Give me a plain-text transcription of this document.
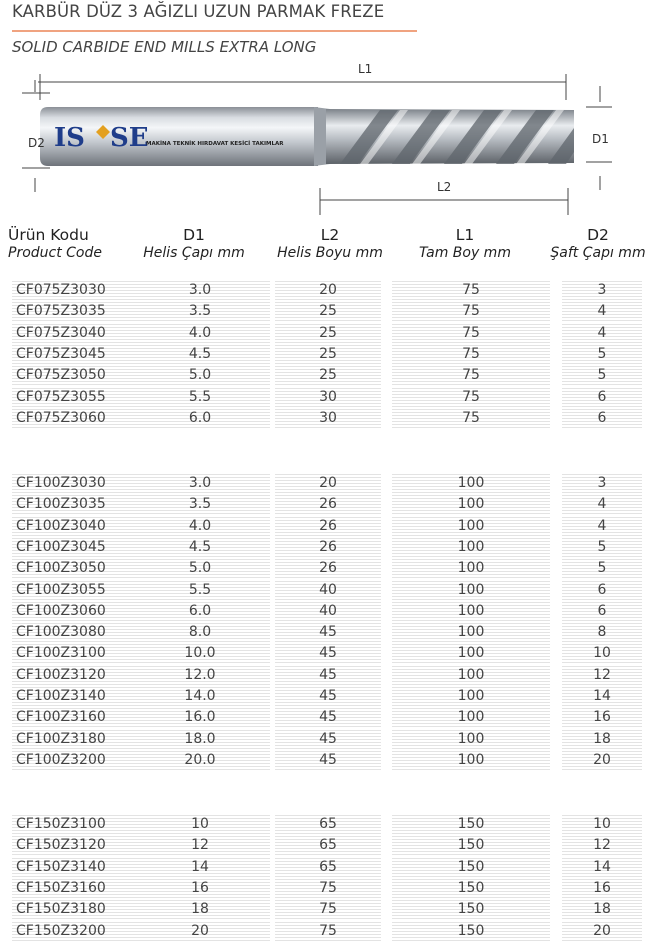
KARBÜR DÜZ 3 AĞIZLI UZUN PARMAK FREZE
SOLID CARBIDE END MILLS EXTRA LONG
IS SE
L1
L2
D2	D1
MAKİNA TEKNİK HIRDAVAT KESİCİ TAKIMLAR
Ürün Kodu
Product Code
D1
Helis Çapı mm
L2
Helis Boyu mm
L1
Tam Boy mm
D2
Şaft Çapı mm
CF075Z3030	3.0	20	75	3
CF075Z3035	3.5	25	75	4
CF075Z3040	4.0	25	75	4
CF075Z3045	4.5	25	75	5
CF075Z3050	5.0	25	75	5
CF075Z3055	5.5	30	75	6
CF075Z3060	6.0	30	75	6
CF100Z3030	3.0	20	100	3
CF100Z3035	3.5	26	100	4
CF100Z3040	4.0	26	100	4
CF100Z3045	4.5	26	100	5
CF100Z3050	5.0	26	100	5
CF100Z3055	5.5	40	100	6
CF100Z3060	6.0	40	100	6
CF100Z3080	8.0	45	100	8
CF100Z3100	10.0	45	100	10
CF100Z3120	12.0	45	100	12
CF100Z3140	14.0	45	100	14
CF100Z3160	16.0	45	100	16
CF100Z3180	18.0	45	100	18
CF100Z3200	20.0	45	100	20
CF150Z3100	10	65	150	10
CF150Z3120	12	65	150	12
CF150Z3140	14	65	150	14
CF150Z3160	16	75	150	16
CF150Z3180	18	75	150	18
CF150Z3200	20	75	150	20
